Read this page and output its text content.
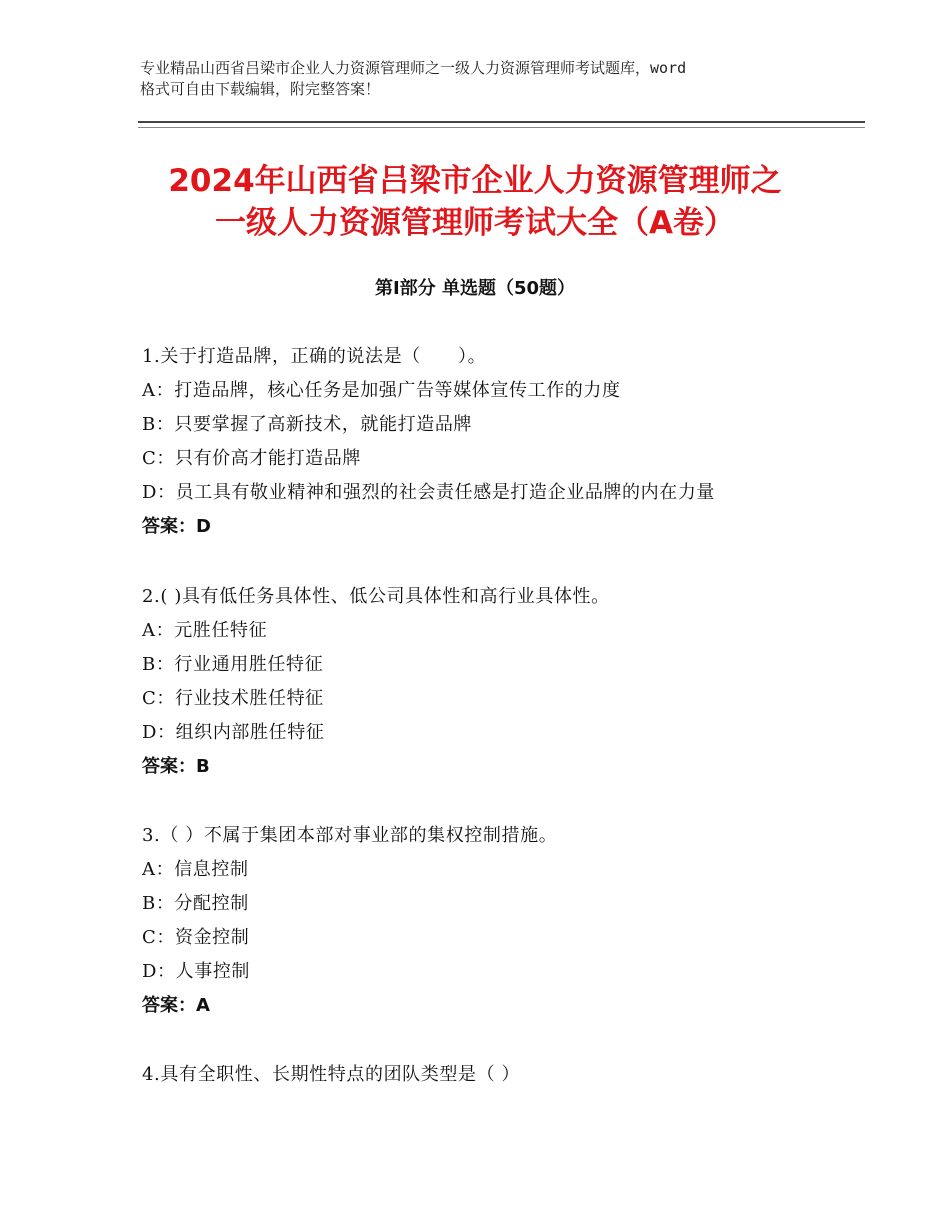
专业精品山西省吕梁市企业人力资源管理师之一级人力资源管理师考试题库，word
格式可自由下载编辑，附完整答案！
2024年山西省吕梁市企业人力资源管理师之
一级人力资源管理师考试大全（A卷）
第Ⅰ部分 单选题（50题）
1.关于打造品牌，正确的说法是（　　）。
A：打造品牌，核心任务是加强广告等媒体宣传工作的力度
B：只要掌握了高新技术，就能打造品牌
C：只有价高才能打造品牌
D：员工具有敬业精神和强烈的社会责任感是打造企业品牌的内在力量
答案：D
2.( )具有低任务具体性、低公司具体性和高行业具体性。
A：元胜任特征
B：行业通用胜任特征
C：行业技术胜任特征
D：组织内部胜任特征
答案：B
3.（ ）不属于集团本部对事业部的集权控制措施。
A：信息控制
B：分配控制
C：资金控制
D：人事控制
答案：A
4.具有全职性、长期性特点的团队类型是（ ）
